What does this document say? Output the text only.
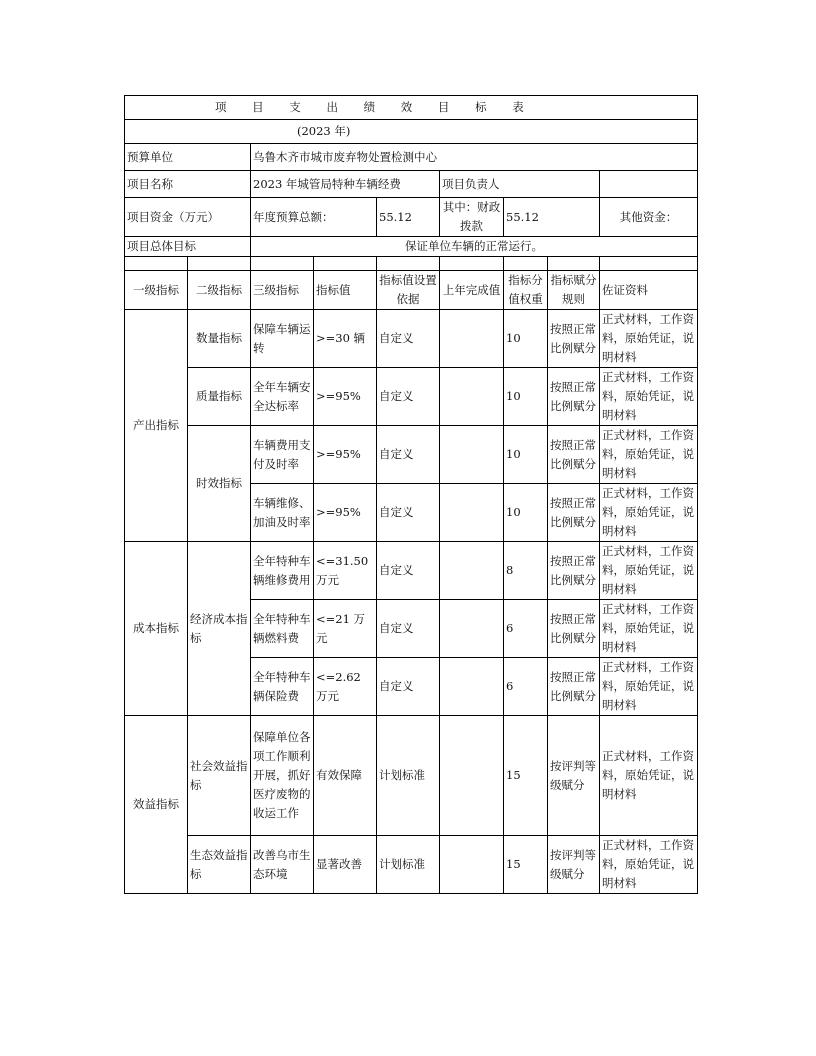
项 目 支 出 绩 效 目 标 表								
(2023 年)								
预算单位		乌鲁木齐市城市废弃物处置检测中心						
项目名称		2023 年城管局特种车辆经费			项目负责人			
项目资金（万元）		年度预算总额：		55.12	其中：财政拨款	55.12		其他资金：
项目总体目标		保证单位车辆的正常运行。						

一级指标	二级指标	三级指标	指标值	指标值设置依据	上年完成值	指标分值权重	指标赋分规则	佐证资料
产出指标	数量指标	保障车辆运转	>=30 辆	自定义		10	按照正常比例赋分	正式材料，工作资料，原始凭证，说明材料
	质量指标	全年车辆安全达标率	>=95%	自定义		10	按照正常比例赋分	正式材料，工作资料，原始凭证，说明材料
	时效指标	车辆费用支付及时率	>=95%	自定义		10	按照正常比例赋分	正式材料，工作资料，原始凭证，说明材料
		车辆维修、加油及时率	>=95%	自定义		10	按照正常比例赋分	正式材料，工作资料，原始凭证，说明材料
成本指标	经济成本指标	全年特种车辆维修费用	<=31.50 万元	自定义		8	按照正常比例赋分	正式材料，工作资料，原始凭证，说明材料
		全年特种车辆燃料费	<=21 万元	自定义		6	按照正常比例赋分	正式材料，工作资料，原始凭证，说明材料
		全年特种车辆保险费	<=2.62 万元	自定义		6	按照正常比例赋分	正式材料，工作资料，原始凭证，说明材料
效益指标	社会效益指标	保障单位各项工作顺利开展，抓好医疗废物的收运工作	有效保障	计划标准		15	按评判等级赋分	正式材料，工作资料，原始凭证，说明材料
	生态效益指标	改善乌市生态环境	显著改善	计划标准		15	按评判等级赋分	正式材料，工作资料，原始凭证，说明材料
